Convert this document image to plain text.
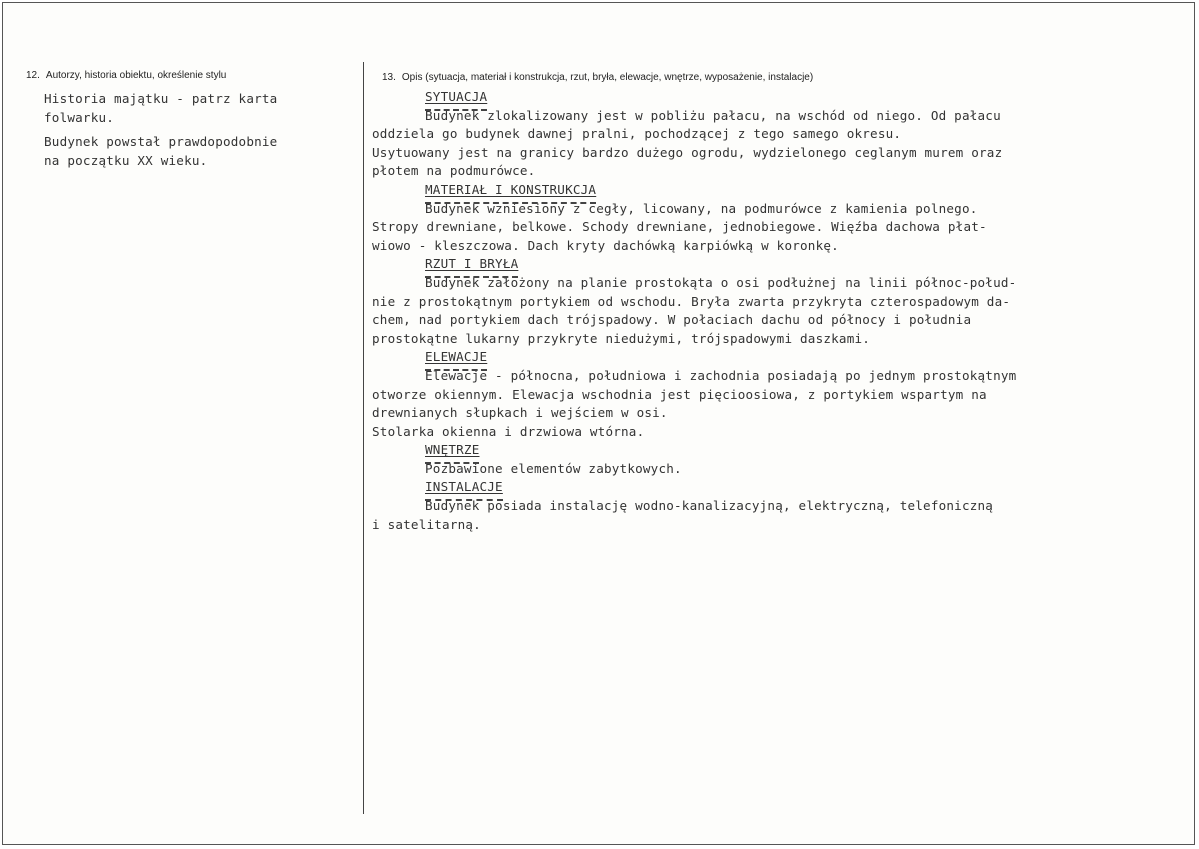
12. Autorzy, historia obiektu, określenie stylu
Historia majątku - patrz karta
folwarku.
Budynek powstał prawdopodobnie
na początku XX wieku.
13. Opis (sytuacja, materiał i konstrukcja, rzut, bryła, elewacje, wnętrze, wyposażenie, instalacje)
SYTUACJA
Budynek zlokalizowany jest w pobliżu pałacu, na wschód od niego. Od pałacu
oddziela go budynek dawnej pralni, pochodzącej z tego samego okresu.
Usytuowany jest na granicy bardzo dużego ogrodu, wydzielonego ceglanym murem oraz
płotem na podmurówce.
MATERIAŁ I KONSTRUKCJA
Budynek wzniesiony z cegły, licowany, na podmurówce z kamienia polnego.
Stropy drewniane, belkowe. Schody drewniane, jednobiegowe. Więźba dachowa płat-
wiowo - kleszczowa. Dach kryty dachówką karpiówką w koronkę.
RZUT I BRYŁA
Budynek założony na planie prostokąta o osi podłużnej na linii północ-połud-
nie z prostokątnym portykiem od wschodu. Bryła zwarta przykryta czterospadowym da-
chem, nad portykiem dach trójspadowy. W połaciach dachu od północy i południa
prostokątne lukarny przykryte niedużymi, trójspadowymi daszkami.
ELEWACJE
Elewacje - północna, południowa i zachodnia posiadają po jednym prostokątnym
otworze okiennym. Elewacja wschodnia jest pięcioosiowa, z portykiem wspartym na
drewnianych słupkach i wejściem w osi.
Stolarka okienna i drzwiowa wtórna.
WNĘTRZE
Pozbawione elementów zabytkowych.
INSTALACJE
Budynek posiada instalację wodno-kanalizacyjną, elektryczną, telefoniczną
i satelitarną.
